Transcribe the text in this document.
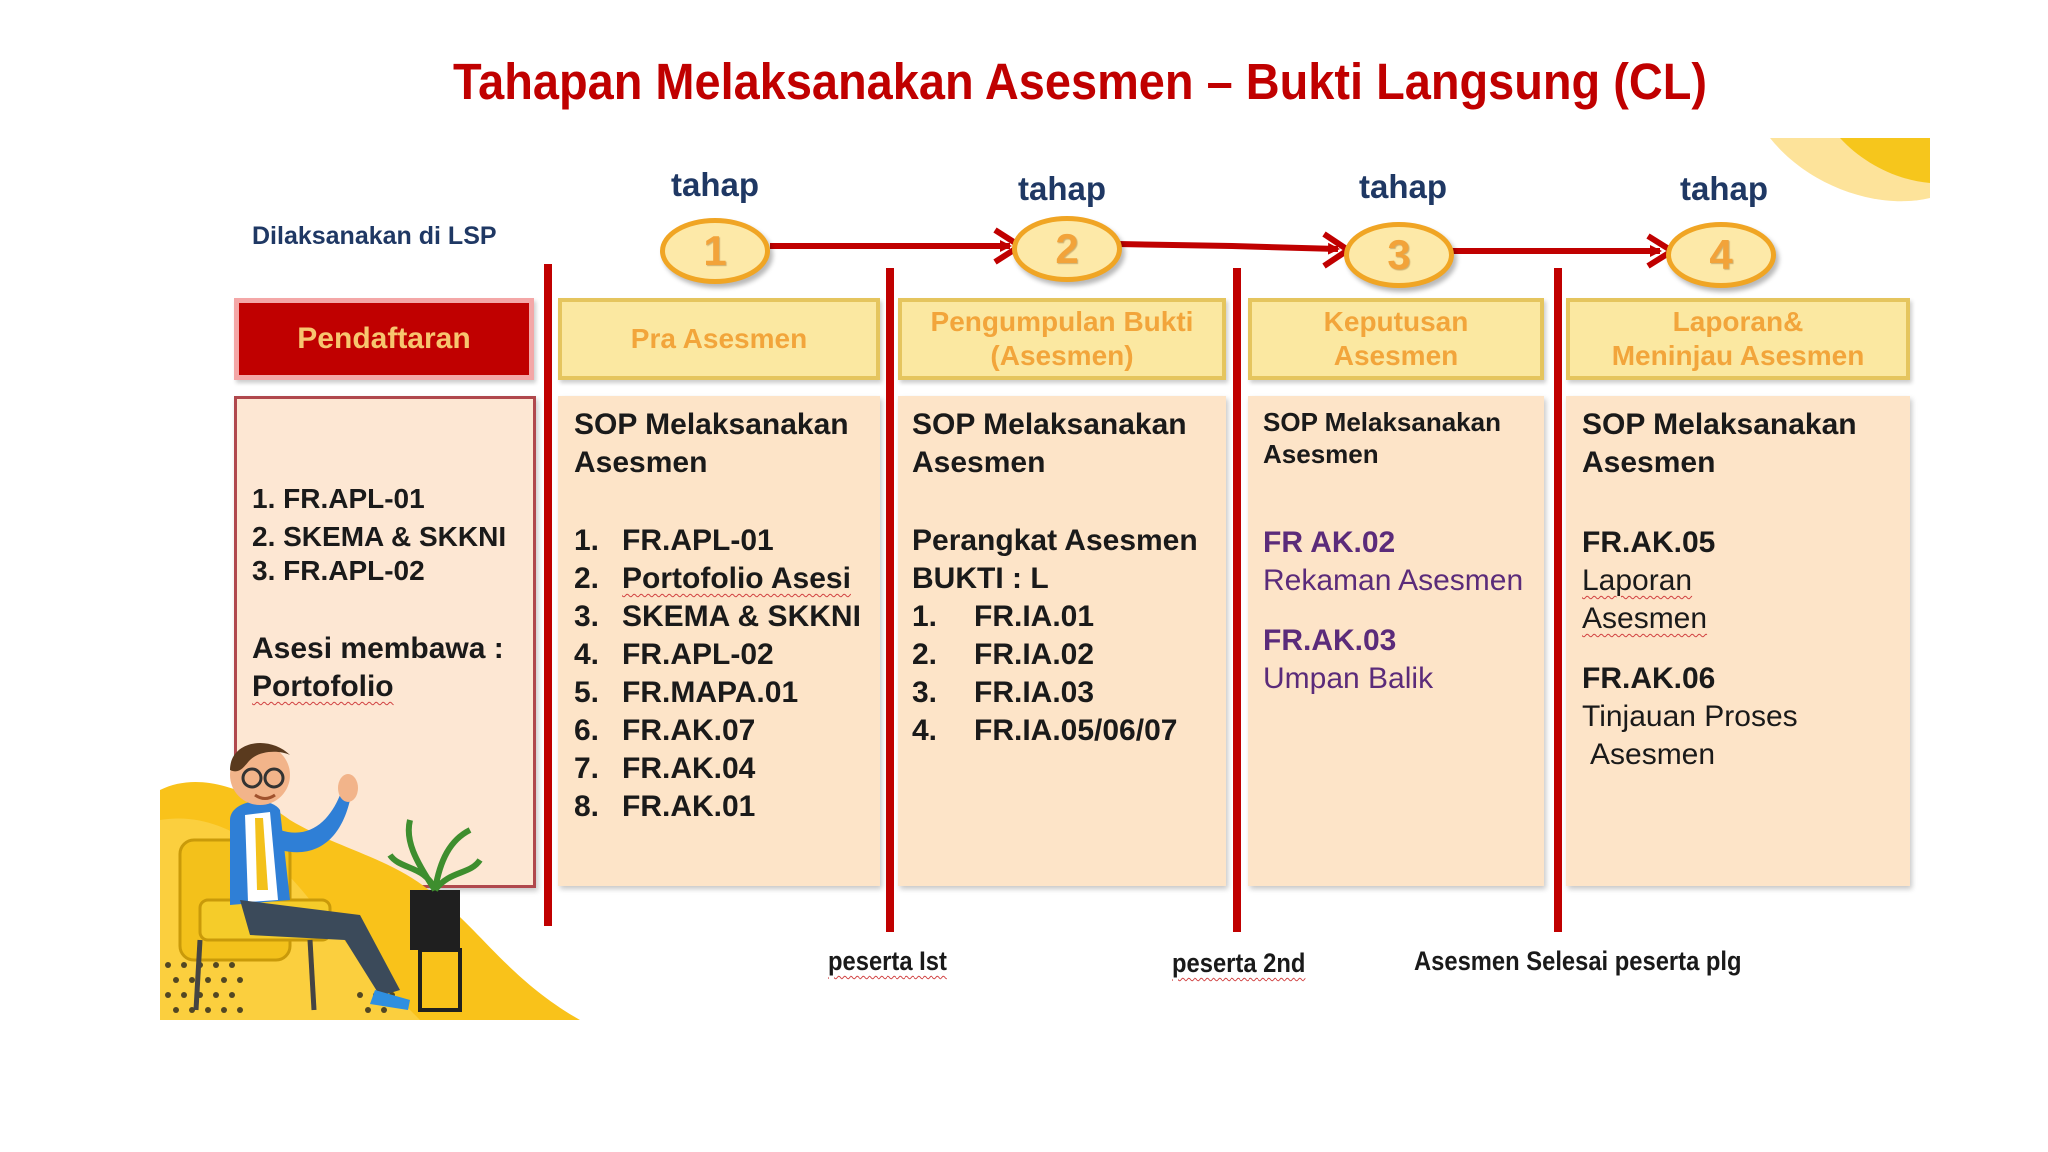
Tahapan Melaksanakan Asesmen – Bukti Langsung (CL)
Dilaksanakan di LSP
tahap
1
tahap
2
tahap
3
tahap
4
Pendaftaran	Pra Asesmen
Pengumpulan Bukti
(Asesmen)
Keputusan
Asesmen
Laporan&
Meninjau Asesmen
1. FR.APL-01
2. SKEMA & SKKNI
3. FR.APL-02
Asesi membawa :
Portofolio
SOP Melaksanakan
Asesmen
1. FR.APL-01
2. Portofolio Asesi
3. SKEMA & SKKNI
4. FR.APL-02
5. FR.MAPA.01
6. FR.AK.07
7. FR.AK.04
8. FR.AK.01
SOP Melaksanakan
Asesmen
Perangkat Asesmen
BUKTI : L
1.	FR.IA.01
2.	FR.IA.02
3.	FR.IA.03
4.	FR.IA.05/06/07
SOP Melaksanakan
Asesmen
FR AK.02
Rekaman Asesmen
FR.AK.03
Umpan Balik
SOP Melaksanakan
Asesmen
FR.AK.05
Laporan
Asesmen
FR.AK.06
Tinjauan Proses
Asesmen
peserta Ist	peserta 2nd	Asesmen Selesai peserta plg
